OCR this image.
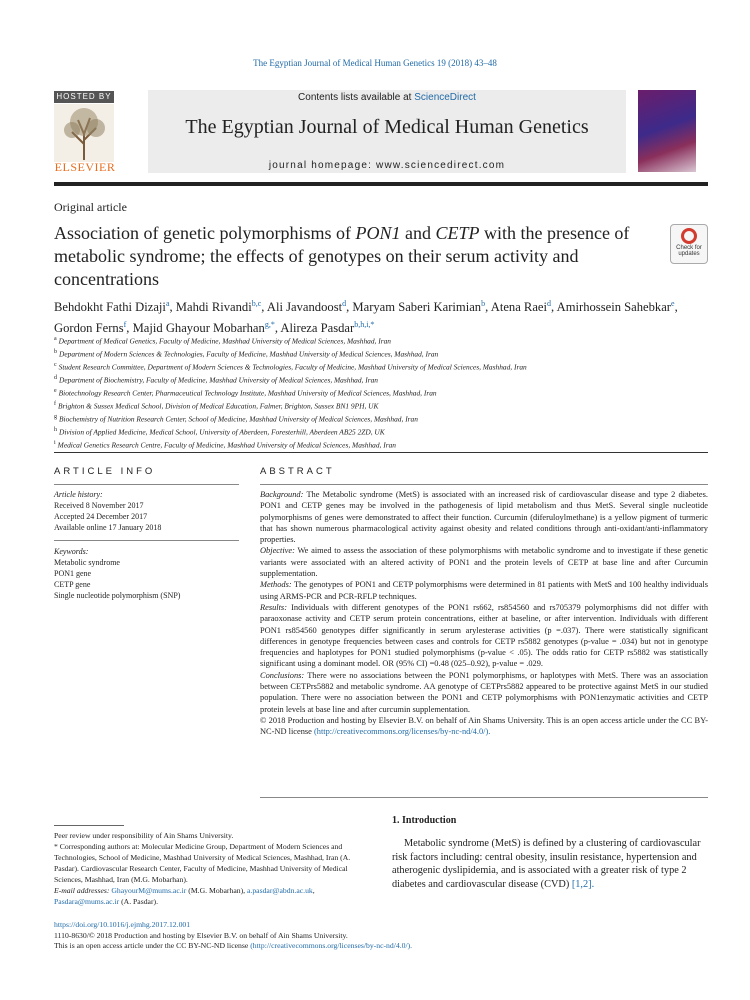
The Egyptian Journal of Medical Human Genetics 19 (2018) 43–48
Contents lists available at ScienceDirect
The Egyptian Journal of Medical Human Genetics
journal homepage: www.sciencedirect.com
HOSTED BY
ELSEVIER
Original article
Association of genetic polymorphisms of PON1 and CETP with the presence of metabolic syndrome; the effects of genotypes on their serum activity and concentrations
Check for updates
Behdokht Fathi Dizaji$^a$, Mahdi Rivandi$^{b,c}$, Ali Javandoost$^d$, Maryam Saberi Karimian$^b$, Atena Raei$^d$, Amirhossein Sahebkar$^e$, Gordon Ferns$^f$, Majid Ghayour Mobarhan$^{g,*}$, Alireza Pasdar$^{b,h,i,*}$
$^a$ Department of Medical Genetics, Faculty of Medicine, Mashhad University of Medical Sciences, Mashhad, Iran
$^b$ Department of Modern Sciences & Technologies, Faculty of Medicine, Mashhad University of Medical Sciences, Mashhad, Iran
$^c$ Student Research Committee, Department of Modern Sciences & Technologies, Faculty of Medicine, Mashhad University of Medical Sciences, Mashhad, Iran
$^d$ Department of Biochemistry, Faculty of Medicine, Mashhad University of Medical Sciences, Mashhad, Iran
$^e$ Biotechnology Research Center, Pharmaceutical Technology Institute, Mashhad University of Medical Sciences, Mashhad, Iran
$^f$ Brighton & Sussex Medical School, Division of Medical Education, Falmer, Brighton, Sussex BN1 9PH, UK
$^g$ Biochemistry of Nutrition Research Center, School of Medicine, Mashhad University of Medical Sciences, Mashhad, Iran
$^h$ Division of Applied Medicine, Medical School, University of Aberdeen, Foresterhill, Aberdeen AB25 2ZD, UK
$^i$ Medical Genetics Research Centre, Faculty of Medicine, Mashhad University of Medical Sciences, Mashhad, Iran
ARTICLE INFO	ABSTRACT
Article history:
Received 8 November 2017
Accepted 24 December 2017
Available online 17 January 2018
Keywords:
Metabolic syndrome
PON1 gene
CETP gene
Single nucleotide polymorphism (SNP)

Background: The Metabolic syndrome (MetS) is associated with an increased risk of cardiovascular disease and type 2 diabetes. PON1 and CETP genes may be involved in the pathogenesis of lipid metabolism and thus MetS. Several single nucleotide polymorphisms of genes were demonstrated to affect their function. Curcumin (diferuloylmethane) is a yellow pigment of turmeric that has shown numerous pharmacological activity against obesity and related conditions through anti-oxidant/anti-inflammatory properties.

Objective: We aimed to assess the association of these polymorphisms with metabolic syndrome and to investigate if these genetic variants were associated with an altered activity of PON1 and the protein levels of CETP at base line and after Curcumin supplementation.

Methods: The genotypes of PON1 and CETP polymorphisms were determined in 81 patients with MetS and 100 healthy individuals using ARMS-PCR and PCR-RFLP techniques.

Results: Individuals with different genotypes of the PON1 rs662, rs854560 and rs705379 polymorphisms did not differ with paraoxonase activity and CETP serum protein concentrations, either at baseline, or after intervention. Individuals with different PON1 rs854560 genotypes differ significantly in serum arylesterase activities (p =.037). There were statistically significant differences in genotype frequencies between cases and controls for CETP rs5882 genotypes (p-value = .034) but not in genotype frequencies and haplotypes for PON1 studied polymorphisms (p-value < .05). The odds ratio for CETP rs5882 was statistically significant using a dominant model. OR (95% CI) =0.48 (025–0.92), p-value = .029.

Conclusions: There were no associations between the PON1 polymorphisms, or haplotypes with MetS. There was an association between CETPrs5882 and metabolic syndrome. AA genotype of CETPrs5882 appeared to be protective against MetS in our studied population. There were no association between the PON1 and CETP polymorphisms with PON1enzymatic activities and CETP protein levels at base line and after curcumin supplementation.

© 2018 Production and hosting by Elsevier B.V. on behalf of Ain Shams University. This is an open access article under the CC BY-NC-ND license (http://creativecommons.org/licenses/by-nc-nd/4.0/).

Peer review under responsibility of Ain Shams University.

* Corresponding authors at: Molecular Medicine Group, Department of Modern Sciences and Technologies, School of Medicine, Mashhad University of Medical Sciences, Mashhad, Iran (A. Pasdar). Cardiovascular Research Center, Faculty of Medicine, Mashhad University of Medical Sciences, Mashhad, Iran (M.G. Mobarhan).

E-mail addresses: GhayourM@mums.ac.ir (M.G. Mobarhan), a.pasdar@abdn.ac.uk, Pasdara@mums.ac.ir (A. Pasdar).

1. Introduction

Metabolic syndrome (MetS) is defined by a clustering of cardiovascular risk factors including: central obesity, insulin resistance, hypertension and atherogenic dyslipidemia, and is associated with a greater risk of type 2 diabetes and cardiovascular disease (CVD) [1,2].

https://doi.org/10.1016/j.ejmhg.2017.12.001

1110-8630/© 2018 Production and hosting by Elsevier B.V. on behalf of Ain Shams University.

This is an open access article under the CC BY-NC-ND license (http://creativecommons.org/licenses/by-nc-nd/4.0/).
